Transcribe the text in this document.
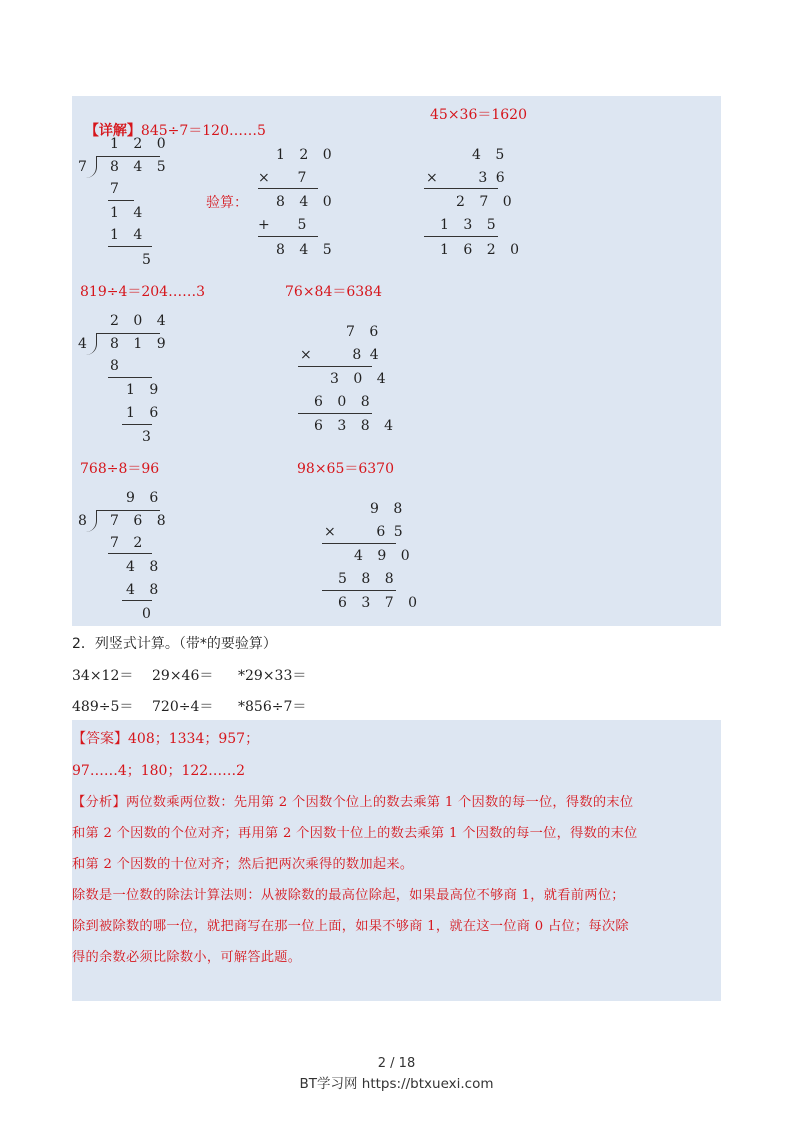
【详解】845÷7＝120……5

45×36＝1620
1 2 0
7 8 4 5
7
1 4
1 4
5
验算：
1 2 0
×    7
8 4 0
+    5
8 4 5
4 5
×      3 6
2 7 0
1 3 5
1 6 2 0
819÷4＝204……3	76×84＝6384
2 0 4
4 8 1 9
8
1 9
1 6
3
7 6
×      8 4
3 0 4
6 0 8
6 3 8 4
768÷8＝96	98×65＝6370
9 6
8 7 6 8
7 2
4 8
4 8
0
9 8
×      6 5
4 9 0
5 8 8
6 3 7 0
2．列竖式计算。（带*的要验算）
34×12＝ 29×46＝ *29×33＝
489÷5＝ 720÷4＝ *856÷7＝
【答案】408；1334；957；
97……4；180；122……2
【分析】两位数乘两位数：先用第 2 个因数个位上的数去乘第 1 个因数的每一位，得数的末位
和第 2 个因数的个位对齐；再用第 2 个因数十位上的数去乘第 1 个因数的每一位，得数的末位
和第 2 个因数的十位对齐；然后把两次乘得的数加起来。
除数是一位数的除法计算法则：从被除数的最高位除起，如果最高位不够商 1，就看前两位；
除到被除数的哪一位，就把商写在那一位上面，如果不够商 1，就在这一位商 0 占位；每次除
得的余数必须比除数小，可解答此题。
2 / 18
BT学习网 https://btxuexi.com
